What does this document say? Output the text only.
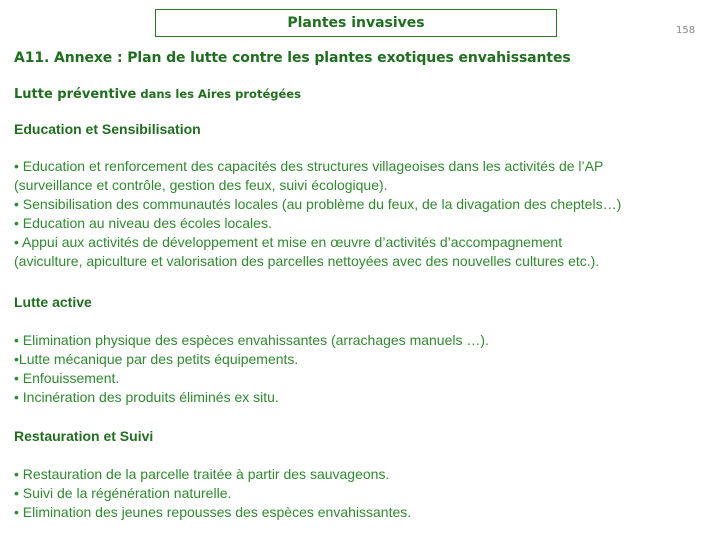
Plantes invasives	158
A11. Annexe : Plan de lutte contre les plantes exotiques envahissantes
Lutte préventive dans les Aires protégées
Education et Sensibilisation
• Education et renforcement des capacités des structures villageoises dans les activités de l’AP
(surveillance et contrôle, gestion des feux, suivi écologique).
• Sensibilisation des communautés locales (au problème du feux, de la divagation des cheptels…)
• Education au niveau des écoles locales.
• Appui aux activités de développement et mise en œuvre d’activités d’accompagnement
(aviculture, apiculture et valorisation des parcelles nettoyées avec des nouvelles cultures etc.).
Lutte active
• Elimination physique des espèces envahissantes (arrachages manuels …).
•Lutte mécanique par des petits équipements.
• Enfouissement.
• Incinération des produits éliminés ex situ.
Restauration et Suivi
• Restauration de la parcelle traitée à partir des sauvageons.
• Suivi de la régénération naturelle.
• Elimination des jeunes repousses des espèces envahissantes.
